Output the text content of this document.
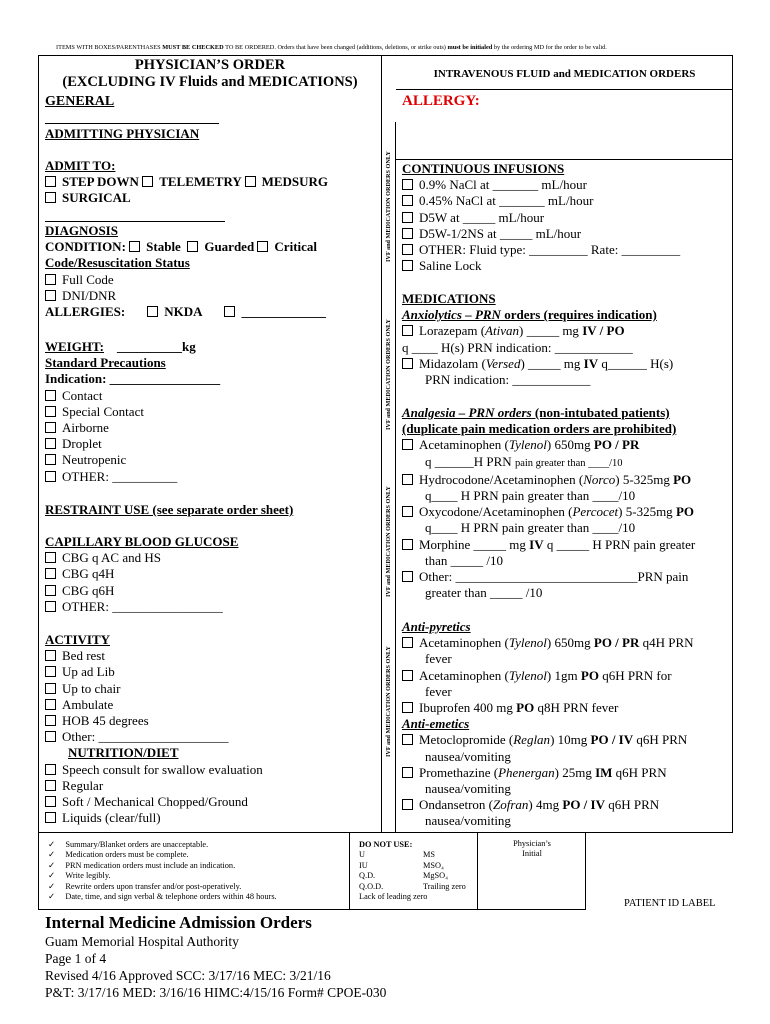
ITEMS WITH BOXES/PARENTHASES MUST BE CHECKED TO BE ORDERED. Orders that have been changed (additions, deletions, or strike outs) must be initialed by the ordering MD for the order to be valid.
PHYSICIAN’S ORDER
(EXCLUDING IV Fluids and MEDICATIONS)
GENERAL
ADMITTING PHYSICIAN
ADMIT TO:
STEP DOWN TELEMETRY MEDSURG
SURGICAL
DIAGNOSIS
CONDITION: Stable Guarded Critical
Code/Resuscitation Status
Full Code
DNI/DNR
ALLERGIES:	NKDA	_____________
WEIGHT: __________kg
Standard Precautions
Indication: _________________
Contact
Special Contact
Airborne
Droplet
Neutropenic
OTHER: __________
RESTRAINT USE (see separate order sheet)
CAPILLARY BLOOD GLUCOSE
CBG q AC and HS
CBG q4H
CBG q6H
OTHER: _________________
ACTIVITY
Bed rest
Up ad Lib
Up to chair
Ambulate
HOB 45 degrees
Other: ____________________
NUTRITION/DIET
Speech consult for swallow evaluation
Regular
Soft / Mechanical Chopped/Ground
Liquids (clear/full)
IVF and MEDICATION ORDERS ONLY
IVF and MEDICATION ORDERS ONLY
IVF and MEDICATION ORDERS ONLY
IVF and MEDICATION ORDERS ONLY
INTRAVENOUS FLUID and MEDICATION ORDERS
ALLERGY:
CONTINUOUS INFUSIONS
0.9% NaCl at _______ mL/hour
0.45% NaCl at _______ mL/hour
D5W at _____ mL/hour
D5W-1/2NS at _____ mL/hour
OTHER: Fluid type: _________ Rate: _________
Saline Lock
MEDICATIONS
Anxiolytics – PRN orders (requires indication)
Lorazepam (Ativan) _____ mg IV / PO
q ____ H(s) PRN indication: ____________
Midazolam (Versed) _____ mg IV q______ H(s)
PRN indication: ____________
Analgesia – PRN orders (non-intubated patients)
(duplicate pain medication orders are prohibited)
Acetaminophen (Tylenol) 650mg PO / PR
q ______H PRN pain greater than ____/10
Hydrocodone/Acetaminophen (Norco) 5-325mg PO
q____ H PRN pain greater than ____/10
Oxycodone/Acetaminophen (Percocet) 5-325mg PO
q____ H PRN pain greater than ____/10
Morphine _____ mg IV q _____ H PRN pain greater
than _____ /10
Other: ____________________________PRN pain
greater than _____ /10
Anti-pyretics
Acetaminophen (Tylenol) 650mg PO / PR q4H PRN
fever
Acetaminophen (Tylenol) 1gm PO q6H PRN for
fever
Ibuprofen 400 mg PO q8H PRN fever
Anti-emetics
Metoclopromide (Reglan) 10mg PO / IV q6H PRN
nausea/vomiting
Promethazine (Phenergan) 25mg IM q6H PRN
nausea/vomiting
Ondansetron (Zofran) 4mg PO / IV q6H PRN
nausea/vomiting
✓     Summary/Blanket orders are unacceptable.
✓     Medication orders must be complete.
✓     PRN medication orders must include an indication.
✓     Write legibly.
✓     Rewrite orders upon transfer and/or post-operatively.
✓     Date, time, and sign verbal & telephone orders within 48 hours.
DO NOT USE:
U	MS
IU	MSO₄
Q.D.	MgSO₄
Q.O.D.	Trailing zero
Lack of leading zero
Physician’s Initial
PATIENT ID LABEL
Internal Medicine Admission Orders
Guam Memorial Hospital Authority
Page 1 of 4
Revised 4/16 Approved SCC: 3/17/16 MEC: 3/21/16
P&T: 3/17/16 MED: 3/16/16 HIMC:4/15/16 Form# CPOE-030
